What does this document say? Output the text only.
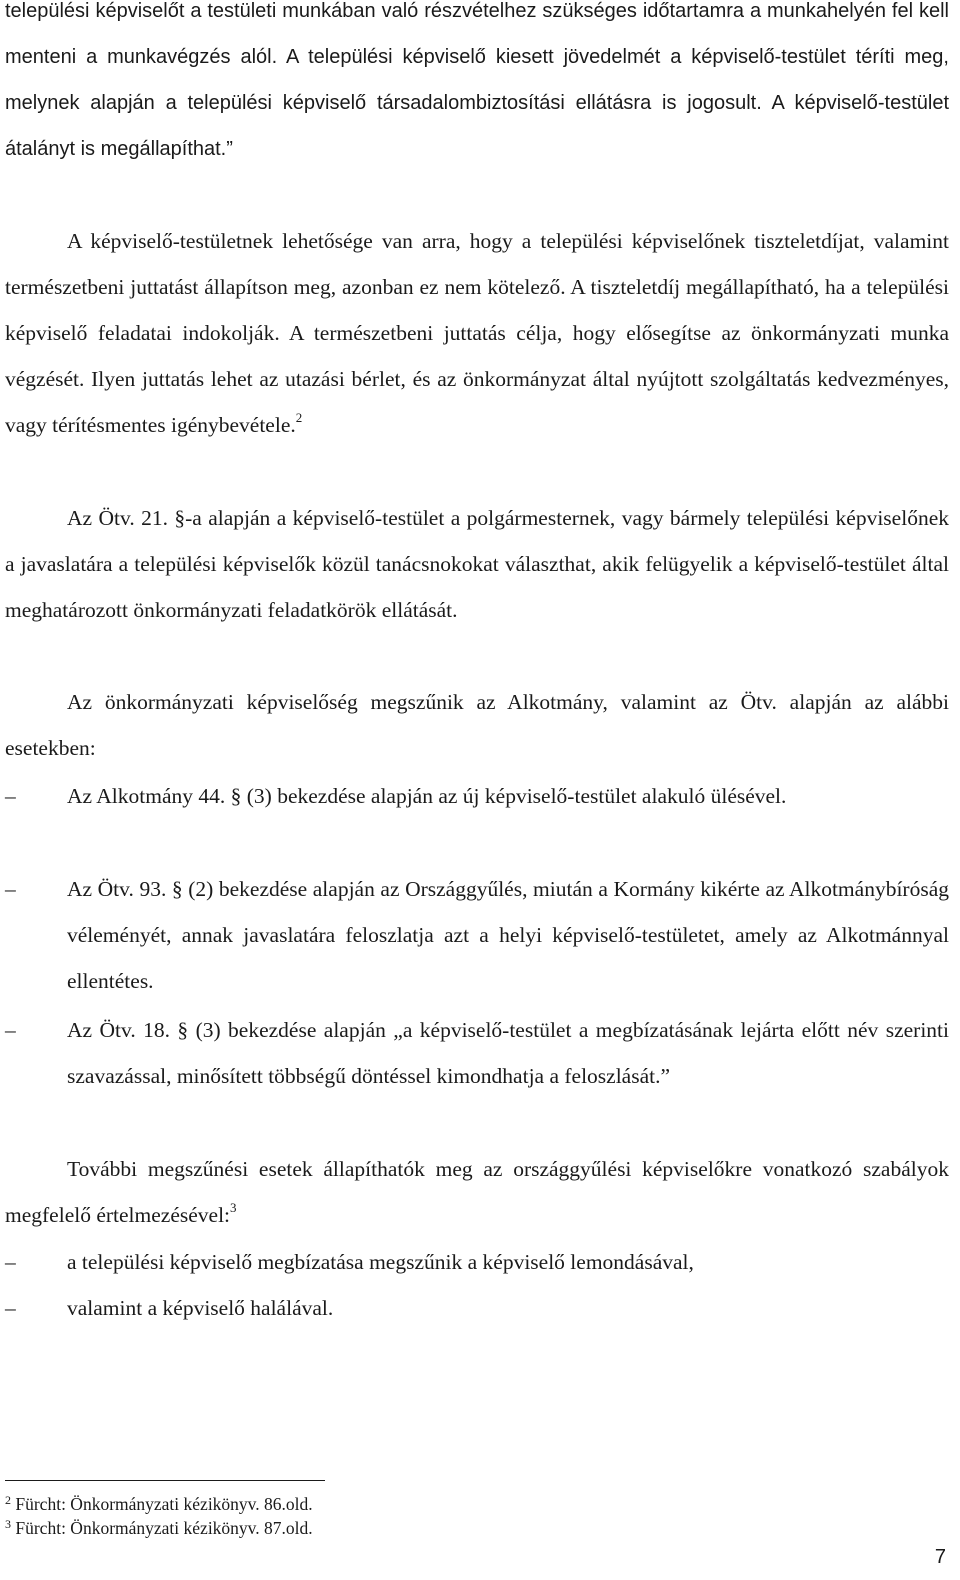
települési képviselőt a testületi munkában való részvételhez szükséges időtartamra a munkahelyén fel kell menteni a munkavégzés alól. A települési képviselő kiesett jövedelmét a képviselő-testület téríti meg, melynek alapján a települési képviselő társadalombiztosítási ellátásra is jogosult. A képviselő-testület átalányt is megállapíthat.”

A képviselő-testületnek lehetősége van arra, hogy a települési képviselőnek tiszteletdíjat, valamint természetbeni juttatást állapítson meg, azonban ez nem kötelező. A tiszteletdíj megállapítható, ha a települési képviselő feladatai indokolják. A természetbeni juttatás célja, hogy elősegítse az önkormányzati munka végzését. Ilyen juttatás lehet az utazási bérlet, és az önkormányzat által nyújtott szolgáltatás kedvezményes, vagy térítésmentes igénybevétele.$^2$

Az Ötv. 21. §-a alapján a képviselő-testület a polgármesternek, vagy bármely települési képviselőnek a javaslatára a települési képviselők közül tanácsnokokat választhat, akik felügyelik a képviselő-testület által meghatározott önkormányzati feladatkörök ellátását.

Az önkormányzati képviselőség megszűnik az Alkotmány, valamint az Ötv. alapján az alábbi esetekben:

–	Az Alkotmány 44. § (3) bekezdése alapján az új képviselő-testület alakuló ülésével.
–	Az Ötv. 93. § (2) bekezdése alapján az Országgyűlés, miután a Kormány kikérte az Alkotmánybíróság véleményét, annak javaslatára feloszlatja azt a helyi képviselő-testületet, amely az Alkotmánnyal ellentétes.
–	Az Ötv. 18. § (3) bekezdése alapján „a képviselő-testület a megbízatásának lejárta előtt név szerinti szavazással, minősített többségű döntéssel kimondhatja a feloszlását.”

További megszűnési esetek állapíthatók meg az országgyűlési képviselőkre vonatkozó szabályok megfelelő értelmezésével:$^3$

–	a települési képviselő megbízatása megszűnik a képviselő lemondásával,
–	valamint a képviselő halálával.
$^2$ Fürcht: Önkormányzati kézikönyv. 86.old.
$^3$ Fürcht: Önkormányzati kézikönyv. 87.old.
7
